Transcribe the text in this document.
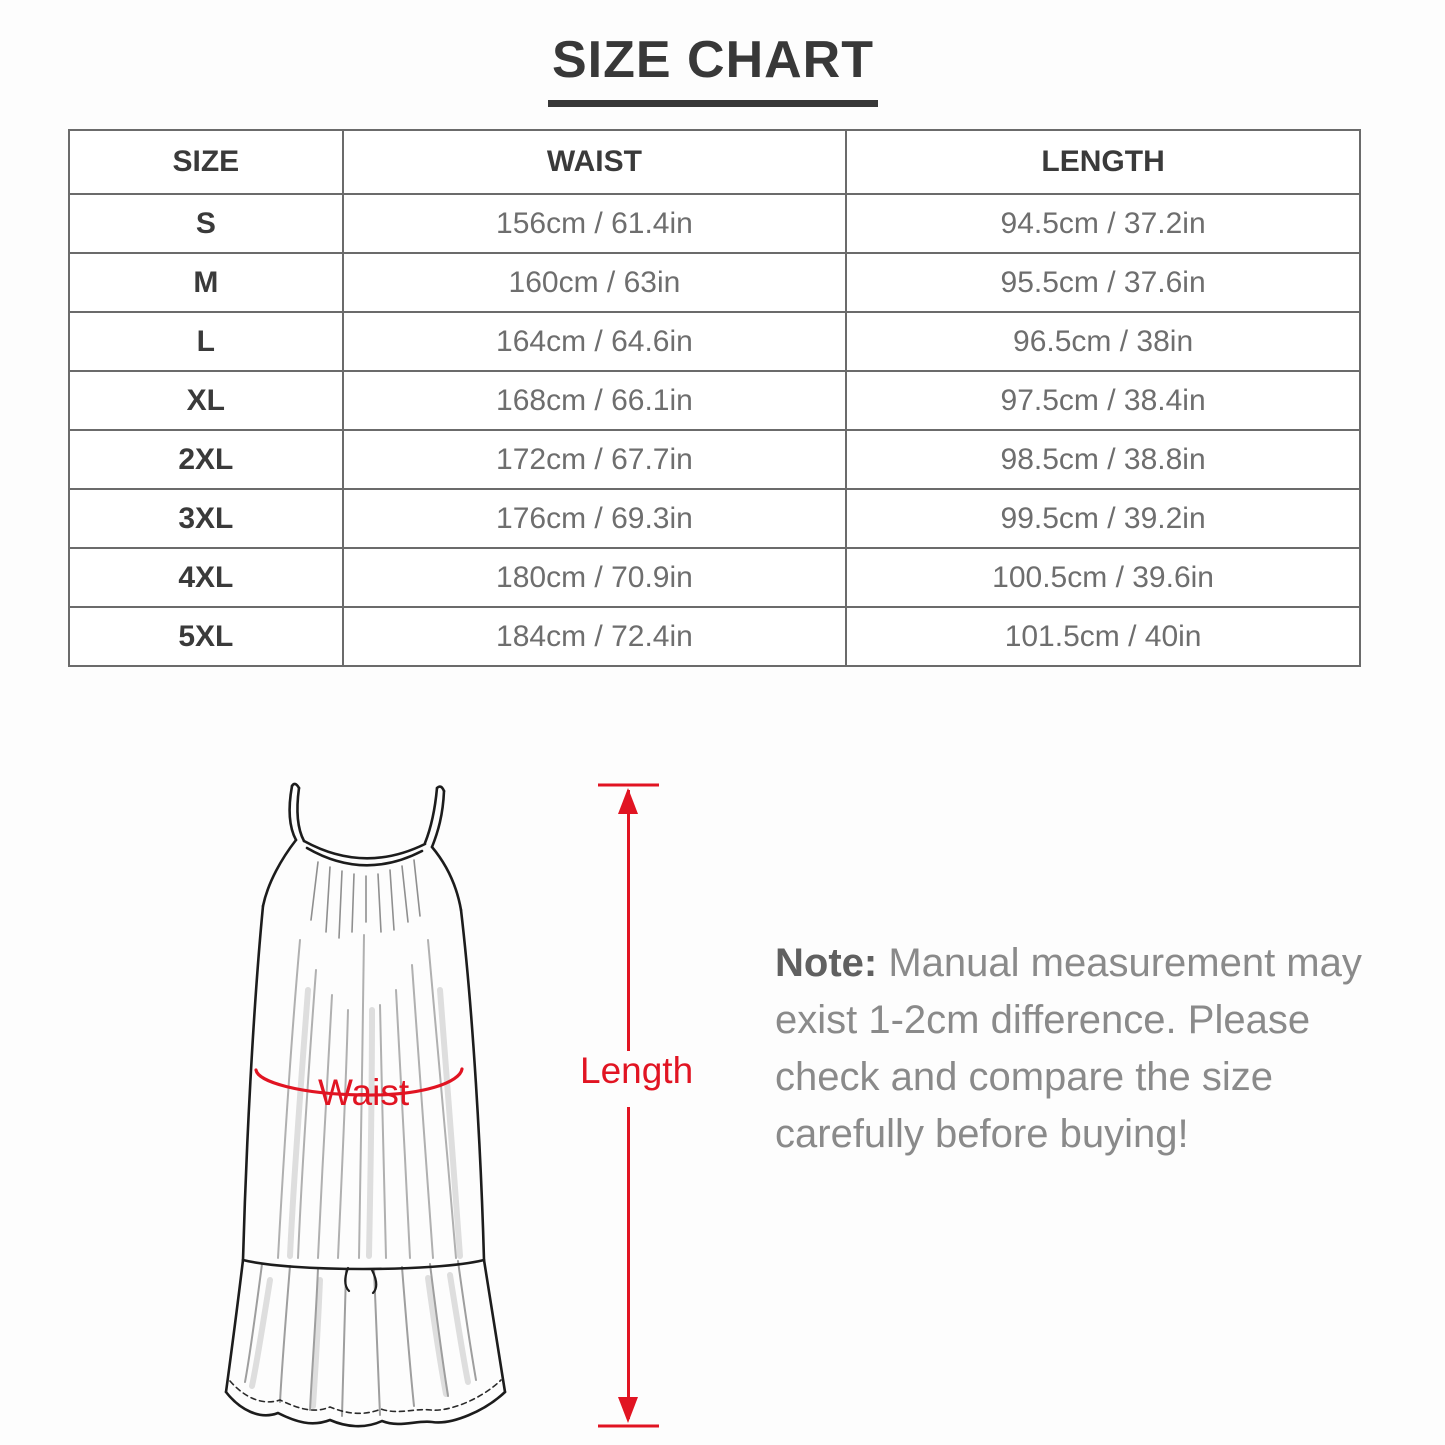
SIZE CHART
SIZE	WAIST	LENGTH
S	156cm / 61.4in	94.5cm / 37.2in
M	160cm / 63in	95.5cm / 37.6in
L	164cm / 64.6in	96.5cm / 38in
XL	168cm / 66.1in	97.5cm / 38.4in
2XL	172cm / 67.7in	98.5cm / 38.8in
3XL	176cm / 69.3in	99.5cm / 39.2in
4XL	180cm / 70.9in	100.5cm / 39.6in
5XL	184cm / 72.4in	101.5cm / 40in
Waist
Length
Note: Manual measurement may exist 1-2cm difference. Please check and compare the size carefully before buying!
